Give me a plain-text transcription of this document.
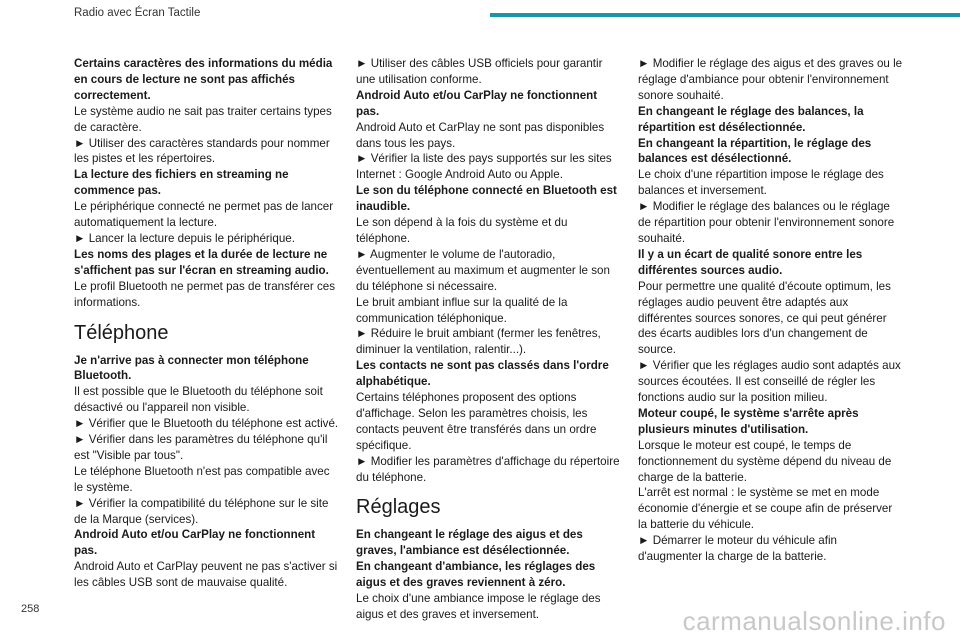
Radio avec Écran Tactile

Certains caractères des informations du média en cours de lecture ne sont pas affichés correctement.

Le système audio ne sait pas traiter certains types de caractère.

► Utiliser des caractères standards pour nommer les pistes et les répertoires.

La lecture des fichiers en streaming ne commence pas.

Le périphérique connecté ne permet pas de lancer automatiquement la lecture.

► Lancer la lecture depuis le périphérique.

Les noms des plages et la durée de lecture ne s'affichent pas sur l'écran en streaming audio.

Le profil Bluetooth ne permet pas de transférer ces informations.

Téléphone

Je n'arrive pas à connecter mon téléphone Bluetooth.

Il est possible que le Bluetooth du téléphone soit désactivé ou l'appareil non visible.

► Vérifier que le Bluetooth du téléphone est activé.

► Vérifier dans les paramètres du téléphone qu'il est "Visible par tous".

Le téléphone Bluetooth n'est pas compatible avec le système.

► Vérifier la compatibilité du téléphone sur le site de la Marque (services).

Android Auto et/ou CarPlay ne fonctionnent pas.

Android Auto et CarPlay peuvent ne pas s'activer si les câbles USB sont de mauvaise qualité.

► Utiliser des câbles USB officiels pour garantir une utilisation conforme.

Android Auto et/ou CarPlay ne fonctionnent pas.

Android Auto et CarPlay ne sont pas disponibles dans tous les pays.

► Vérifier la liste des pays supportés sur les sites Internet : Google Android Auto ou Apple.

Le son du téléphone connecté en Bluetooth est inaudible.

Le son dépend à la fois du système et du téléphone.

► Augmenter le volume de l'autoradio, éventuellement au maximum et augmenter le son du téléphone si nécessaire.

Le bruit ambiant influe sur la qualité de la communication téléphonique.

► Réduire le bruit ambiant (fermer les fenêtres, diminuer la ventilation, ralentir...).

Les contacts ne sont pas classés dans l'ordre alphabétique.

Certains téléphones proposent des options d'affichage. Selon les paramètres choisis, les contacts peuvent être transférés dans un ordre spécifique.

► Modifier les paramètres d'affichage du répertoire du téléphone.

Réglages

En changeant le réglage des aigus et des graves, l'ambiance est désélectionnée.

En changeant d'ambiance, les réglages des aigus et des graves reviennent à zéro.

Le choix d'une ambiance impose le réglage des aigus et des graves et inversement.

► Modifier le réglage des aigus et des graves ou le réglage d'ambiance pour obtenir l'environnement sonore souhaité.

En changeant le réglage des balances, la répartition est désélectionnée.

En changeant la répartition, le réglage des balances est désélectionné.

Le choix d'une répartition impose le réglage des balances et inversement.

► Modifier le réglage des balances ou le réglage de répartition pour obtenir l'environnement sonore souhaité.

Il y a un écart de qualité sonore entre les différentes sources audio.

Pour permettre une qualité d'écoute optimum, les réglages audio peuvent être adaptés aux différentes sources sonores, ce qui peut générer des écarts audibles lors d'un changement de source.

► Vérifier que les réglages audio sont adaptés aux sources écoutées. Il est conseillé de régler les fonctions audio sur la position milieu.

Moteur coupé, le système s'arrête après plusieurs minutes d'utilisation.

Lorsque le moteur est coupé, le temps de fonctionnement du système dépend du niveau de charge de la batterie.

L'arrêt est normal : le système se met en mode économie d'énergie et se coupe afin de préserver la batterie du véhicule.

► Démarrer le moteur du véhicule afin d'augmenter la charge de la batterie.

258	carmanualsonline.info
